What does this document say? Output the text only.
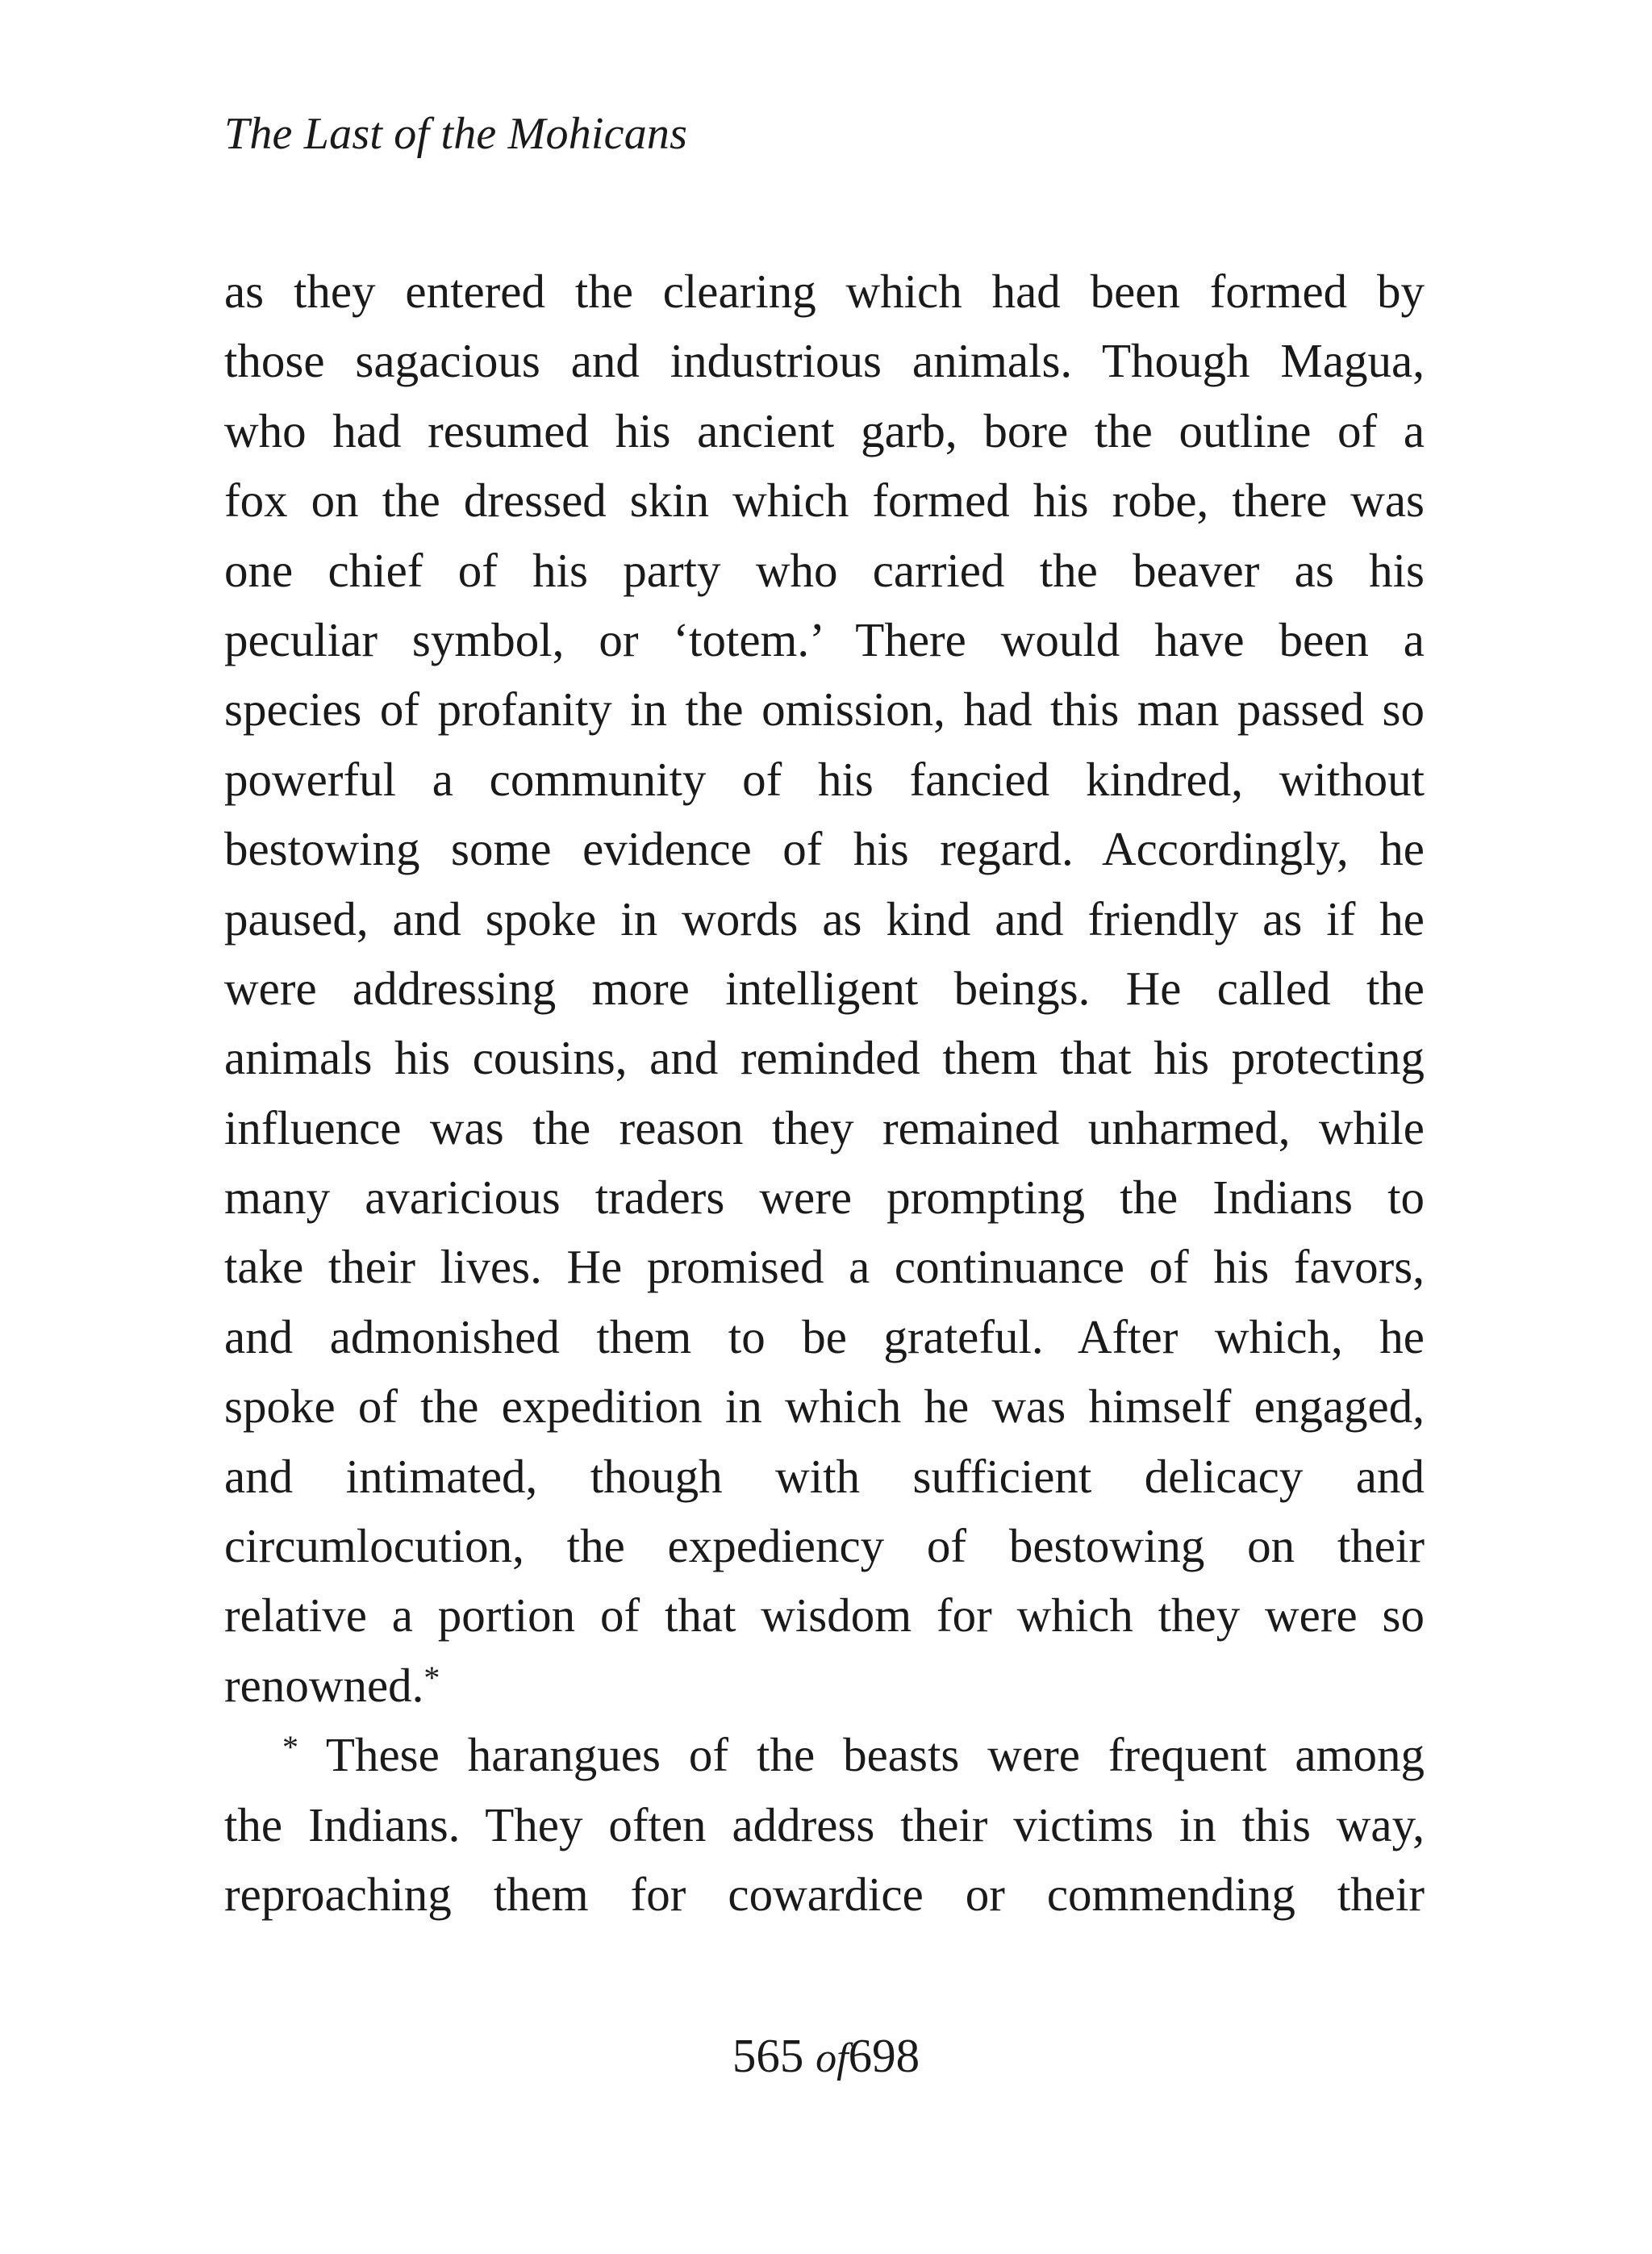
The Last of the Mohicans
as they entered the clearing which had been formed by
those sagacious and industrious animals. Though Magua,
who had resumed his ancient garb, bore the outline of a
fox on the dressed skin which formed his robe, there was
one chief of his party who carried the beaver as his
peculiar symbol, or ‘totem.’ There would have been a
species of profanity in the omission, had this man passed so
powerful a community of his fancied kindred, without
bestowing some evidence of his regard. Accordingly, he
paused, and spoke in words as kind and friendly as if he
were addressing more intelligent beings. He called the
animals his cousins, and reminded them that his protecting
influence was the reason they remained unharmed, while
many avaricious traders were prompting the Indians to
take their lives. He promised a continuance of his favors,
and admonished them to be grateful. After which, he
spoke of the expedition in which he was himself engaged,
and intimated, though with sufficient delicacy and
circumlocution, the expediency of bestowing on their
relative a portion of that wisdom for which they were so
renowned.*
* These harangues of the beasts were frequent among
the Indians. They often address their victims in this way,
reproaching them for cowardice or commending their
565 of698
